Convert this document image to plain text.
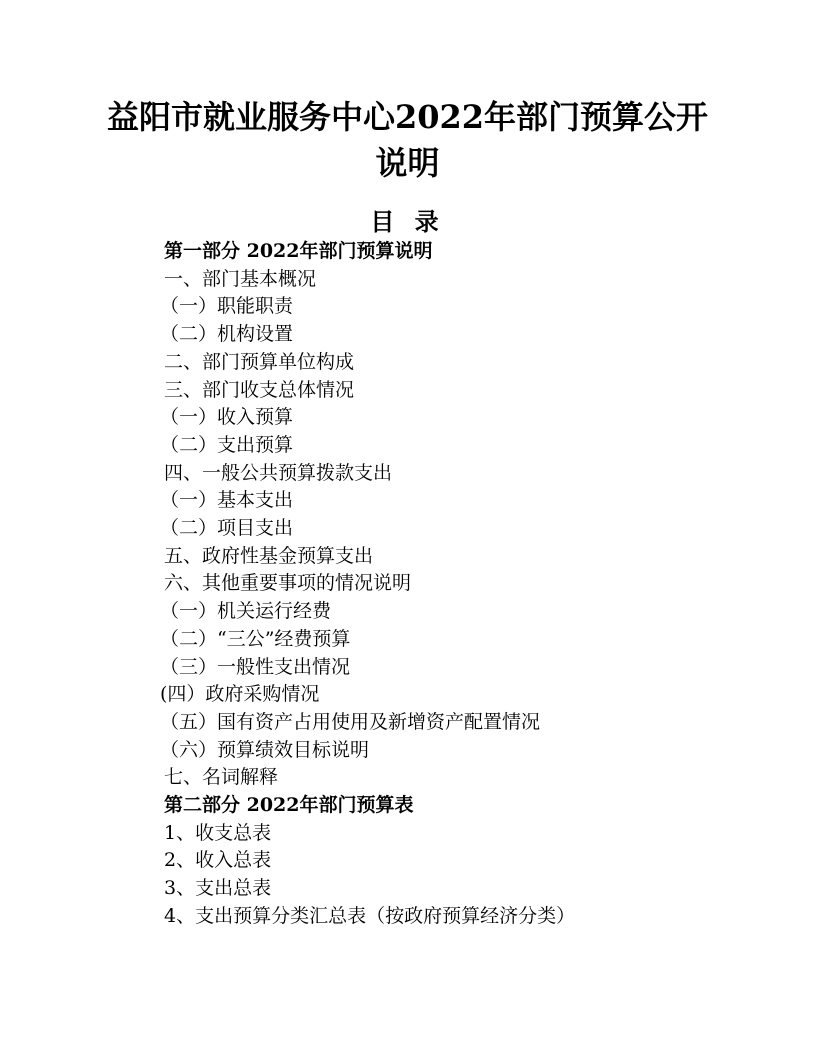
益阳市就业服务中心2022年部门预算公开
说明
目 录
第一部分 2022年部门预算说明
一、部门基本概况
（一）职能职责
（二）机构设置
二、部门预算单位构成
三、部门收支总体情况
（一）收入预算
（二）支出预算
四、一般公共预算拨款支出
（一）基本支出
（二）项目支出
五、政府性基金预算支出
六、其他重要事项的情况说明
（一）机关运行经费
（二）“三公”经费预算
（三）一般性支出情况
(四）政府采购情况
（五）国有资产占用使用及新增资产配置情况
（六）预算绩效目标说明
七、名词解释
第二部分 2022年部门预算表
1、收支总表
2、收入总表
3、支出总表
4、支出预算分类汇总表（按政府预算经济分类）
